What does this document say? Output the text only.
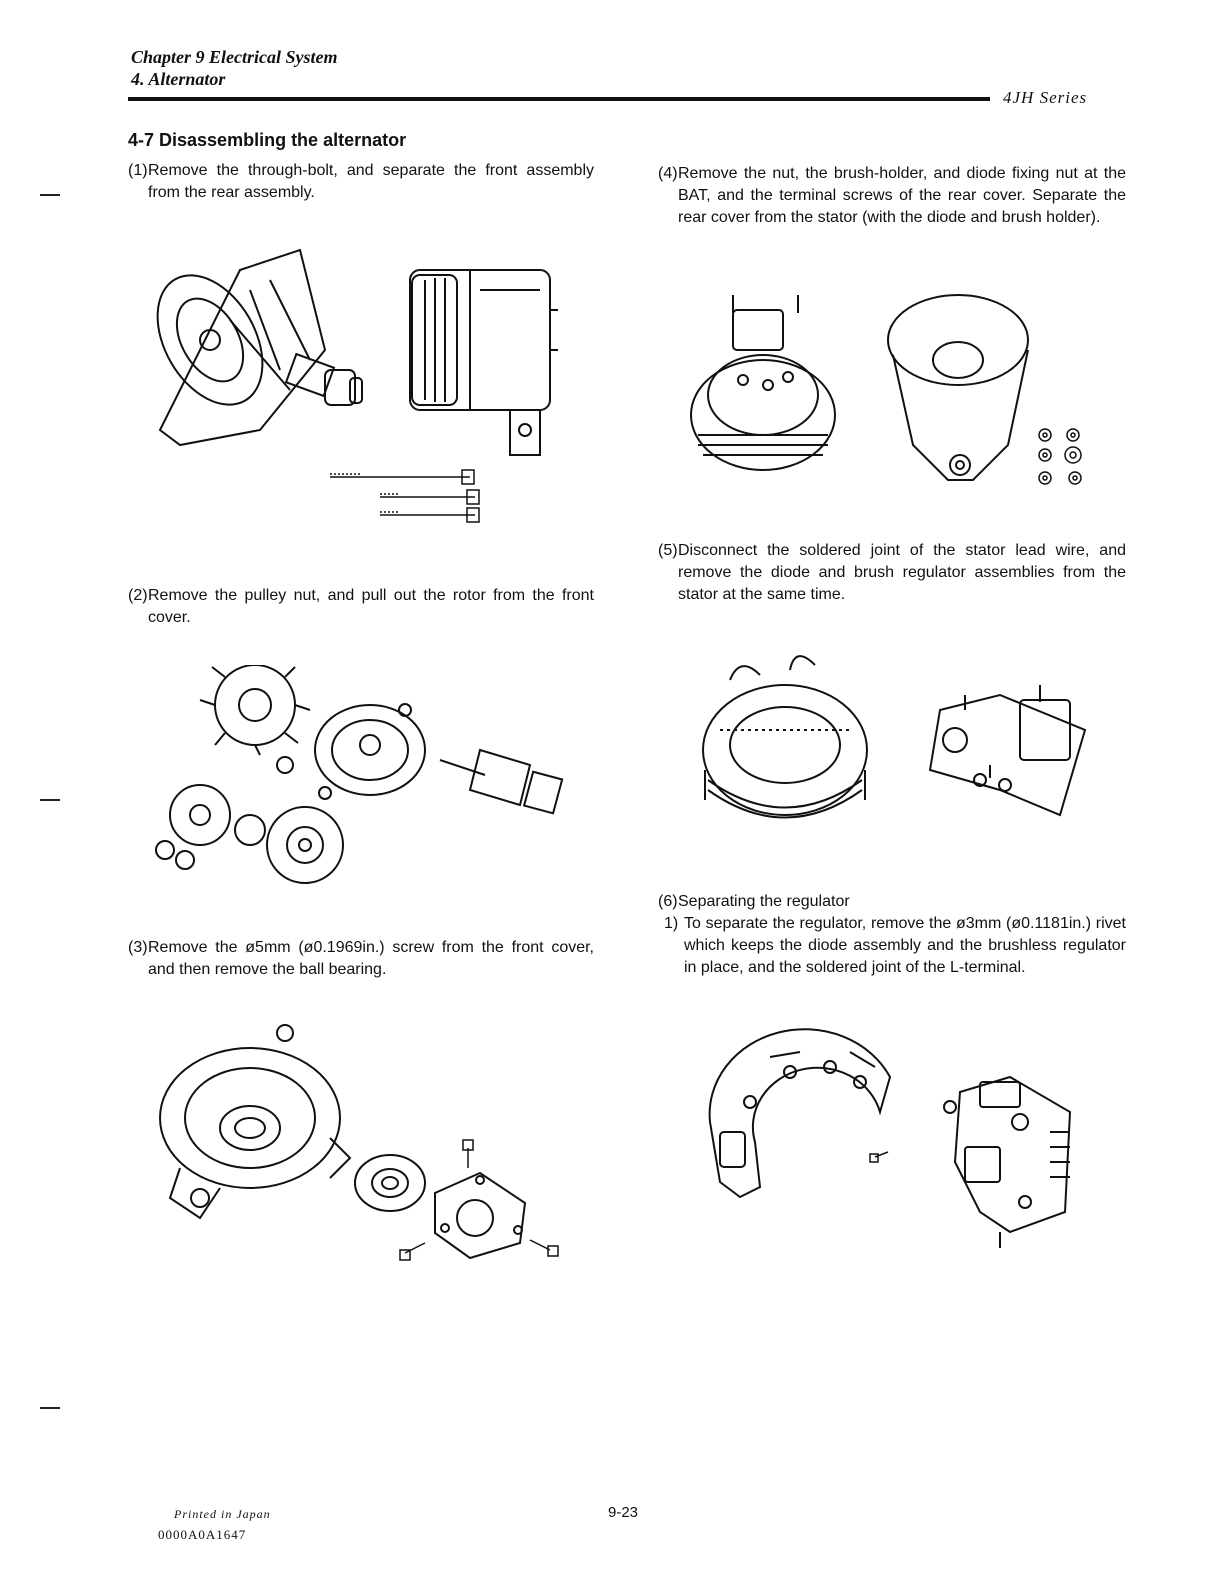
Chapter 9 Electrical System
4. Alternator
4JH Series
4-7 Disassembling the alternator
(1) Remove the through-bolt, and separate the front assembly from the rear assembly.
(2) Remove the pulley nut, and pull out the rotor from the front cover.
(3) Remove the ø5mm (ø0.1969in.) screw from the front cover, and then remove the ball bearing.
(4) Remove the nut, the brush-holder, and diode fixing nut at the BAT, and the terminal screws of the rear cover. Separate the rear cover from the stator (with the diode and brush holder).
(5) Disconnect the soldered joint of the stator lead wire, and remove the diode and brush regulator assemblies from the stator at the same time.
(6) Separating the regulator
1) To separate the regulator, remove the ø3mm (ø0.1181in.) rivet which keeps the diode assembly and the brushless regulator in place, and the soldered joint of the L-terminal.
Printed in Japan
0000A0A1647
9-23
